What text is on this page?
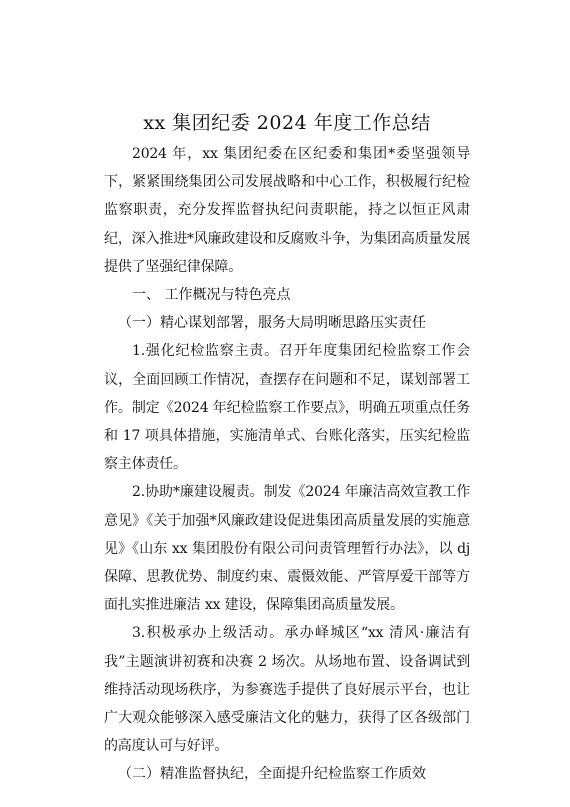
xx 集团纪委 2024 年度工作总结

2024 年，xx 集团纪委在区纪委和集团*委坚强领导下，紧紧围绕集团公司发展战略和中心工作，积极履行纪检监察职责，充分发挥监督执纪问责职能，持之以恒正风肃纪，深入推进*风廉政建设和反腐败斗争，为集团高质量发展提供了坚强纪律保障。

一、 工作概况与特色亮点

（一）精心谋划部署，服务大局明晰思路压实责任

1.强化纪检监察主责。召开年度集团纪检监察工作会议，全面回顾工作情况，查摆存在问题和不足，谋划部署工作。制定《2024 年纪检监察工作要点》，明确五项重点任务和 17 项具体措施，实施清单式、台账化落实，压实纪检监察主体责任。

2.协助*廉建设履责。制发《2024 年廉洁高效宣教工作意见》《关于加强*风廉政建设促进集团高质量发展的实施意见》《山东 xx 集团股份有限公司问责管理暂行办法》，以 dj 保障、思教优势、制度约束、震慑效能、严管厚爱干部等方面扎实推进廉洁 xx 建设，保障集团高质量发展。

3.积极承办上级活动。承办峄城区“xx 清风·廉洁有我”主题演讲初赛和决赛 2 场次。从场地布置、设备调试到维持活动现场秩序，为参赛选手提供了良好展示平台，也让广大观众能够深入感受廉洁文化的魅力，获得了区各级部门的高度认可与好评。

（二）精准监督执纪，全面提升纪检监察工作质效
